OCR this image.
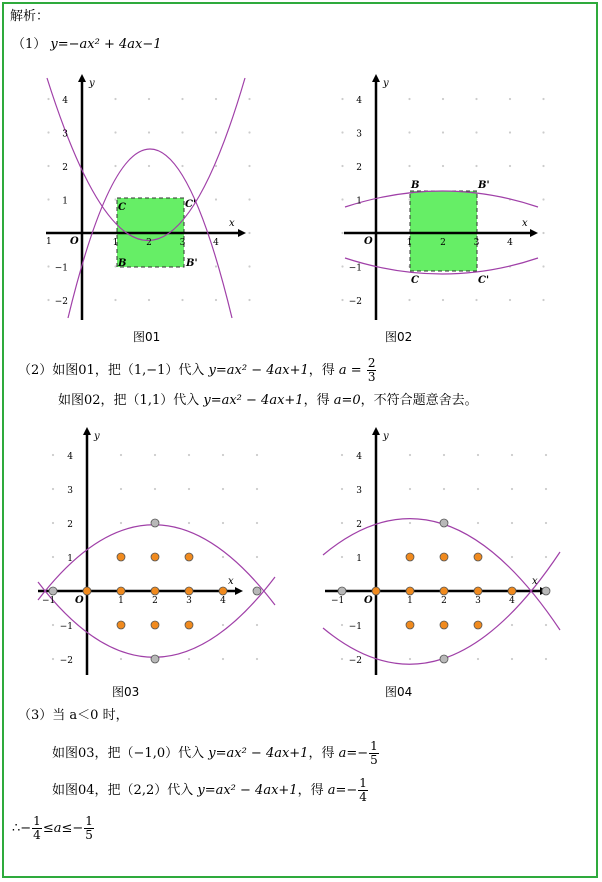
解析：
（1） y=−ax² + 4ax−1
C	C'
B	B'
x
y
O
4
3
2
1
−1
−2
1	2	3	4
1
图01
B	B'
C	C'
x
y
O
4
3
2
1
−1
−2
1	2	3	4
图02
（2）如图01，把（1,−1）代入 y=ax² − 4ax+1，得 $a = \frac{2}{3}$
如图02，把（1,1）代入 y=ax² − 4ax+1，得 a=0，不符合题意舍去。
x
y
O
−1
4
3
2
1
−1
−2
1	2	3	4
图03
x
y
O
−1
4
3
2
1
−1
−2
1	2	3	4
图04
（3）当 a＜0 时，
如图03，把（−1,0）代入 y=ax² − 4ax+1，得 $a=- \frac{1}{5}$
如图04，把（2,2）代入 y=ax² − 4ax+1，得 $a=- \frac{1}{4}$
∴− $\frac{1}{4} \le a\le- \frac{1}{5}$
